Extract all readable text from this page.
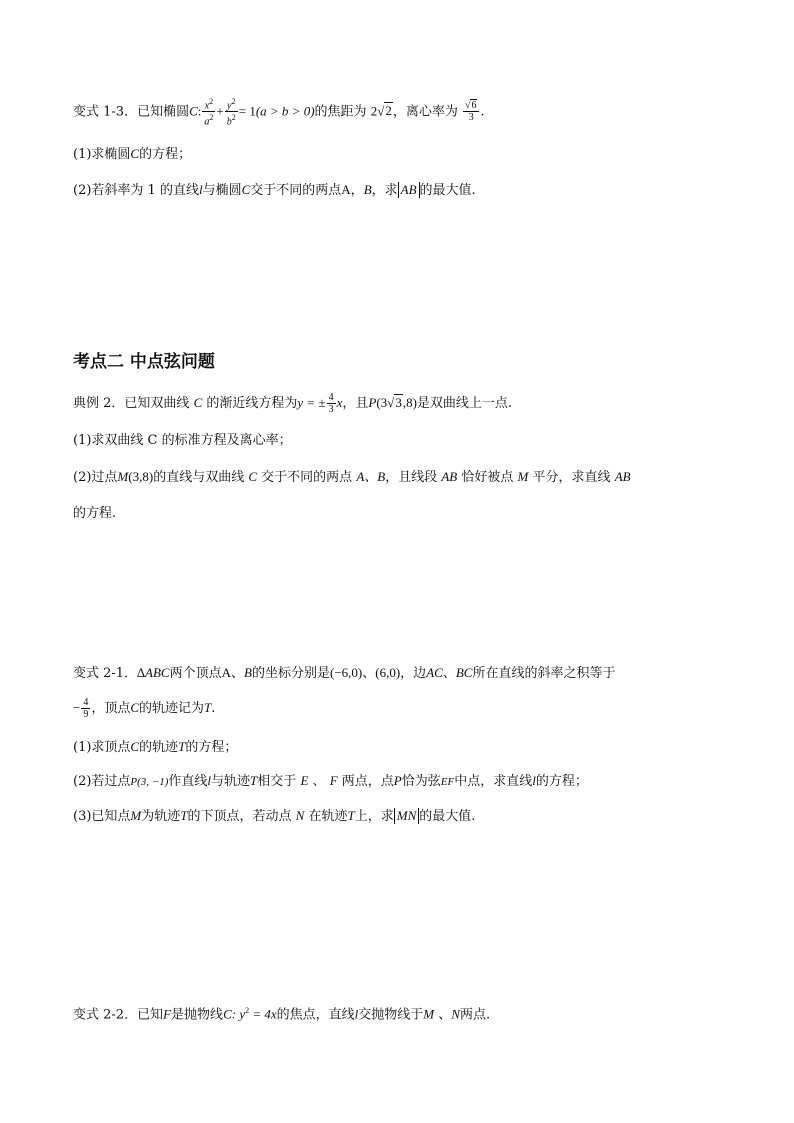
变式 1-3．已知椭圆C: $\frac{x^2}{a^2} + \frac{y^2}{b^2} = 1(a > b > 0)$的焦距为 2√2，离心率为 $\frac{√6}{3}$ .
(1)求椭圆C的方程；
(2)若斜率为 1 的直线l与椭圆C交于不同的两点A，B，求 AB 的最大值.
考点二 中点弦问题
典例 2．已知双曲线 C 的渐近线方程为y = ± $\frac{4}{3}$ x，且P(3√3,8)是双曲线上一点.
(1)求双曲线 C 的标准方程及离心率；
(2)过点M(3,8)的直线与双曲线 C 交于不同的两点 A、B，且线段 AB 恰好被点 M 平分，求直线 AB
的方程.
变式 2-1．∆ABC两个顶点A、B的坐标分别是(−6,0)、(6,0)，边AC、BC所在直线的斜率之积等于
− $\frac{4}{9}$ ，顶点C的轨迹记为T.
(1)求顶点C的轨迹T的方程；
(2)若过点P(3, −1)作直线l与轨迹T相交于 E 、 F 两点，点P恰为弦EF中点，求直线l的方程；
(3)已知点M为轨迹T的下顶点，若动点 N 在轨迹T上，求 MN 的最大值.
变式 2-2．已知F是抛物线C: $y^2 = 4x$的焦点，直线l交抛物线于M 、N两点.
